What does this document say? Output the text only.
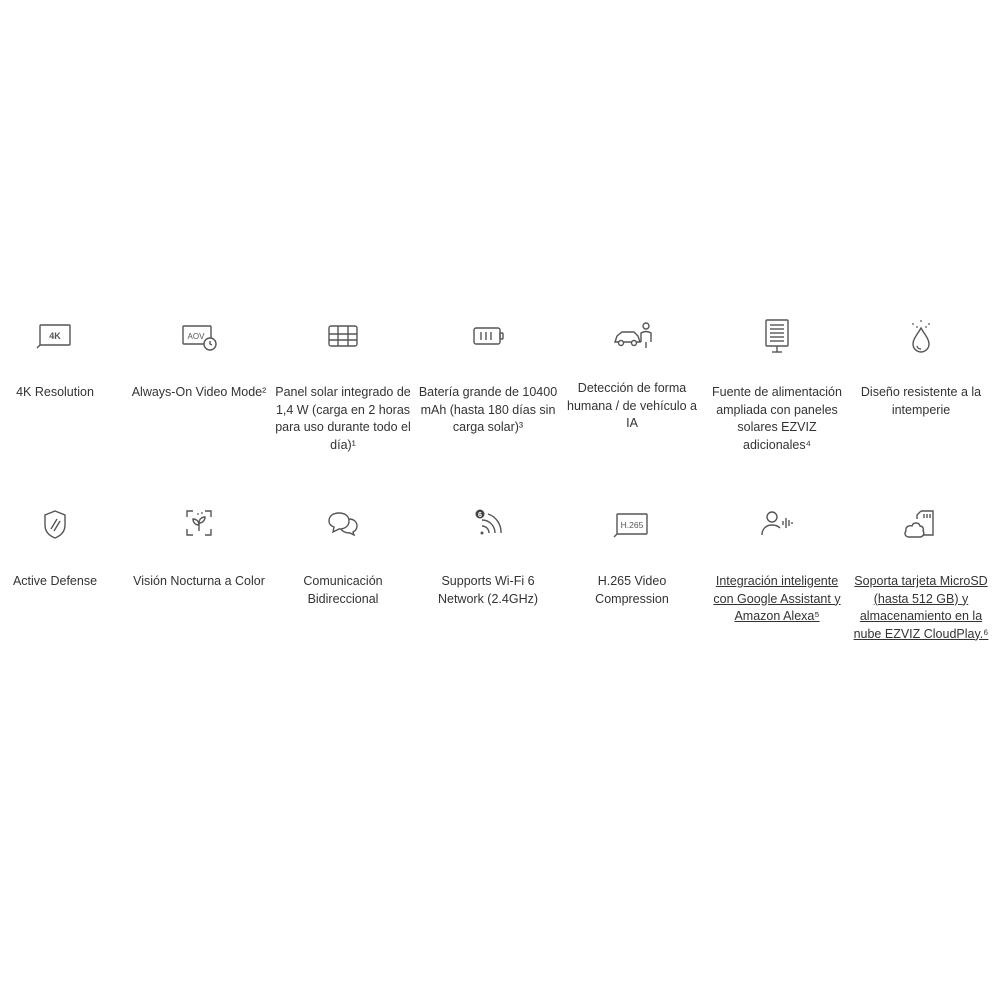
4K
4K Resolution
AOV
Always-On Video Mode² Panel solar integrado de 1,4 W (carga en 2 horas para uso durante todo el día)¹
Batería grande de 10400 mAh (hasta 180 días sin carga solar)³
Detección de forma humana / de vehículo a IA
Fuente de alimentación ampliada con paneles solares EZVIZ adicionales⁴
Diseño resistente a la intemperie
Active Defense	Visión Nocturna a Color	Comunicación Bidireccional
6
Supports Wi-Fi 6 Network (2.4GHz)
H.265
H.265 Video Compression
Integración inteligente con Google Assistant y Amazon Alexa⁵
Soporta tarjeta MicroSD (hasta 512 GB) y almacenamiento en la nube EZVIZ CloudPlay.⁶
